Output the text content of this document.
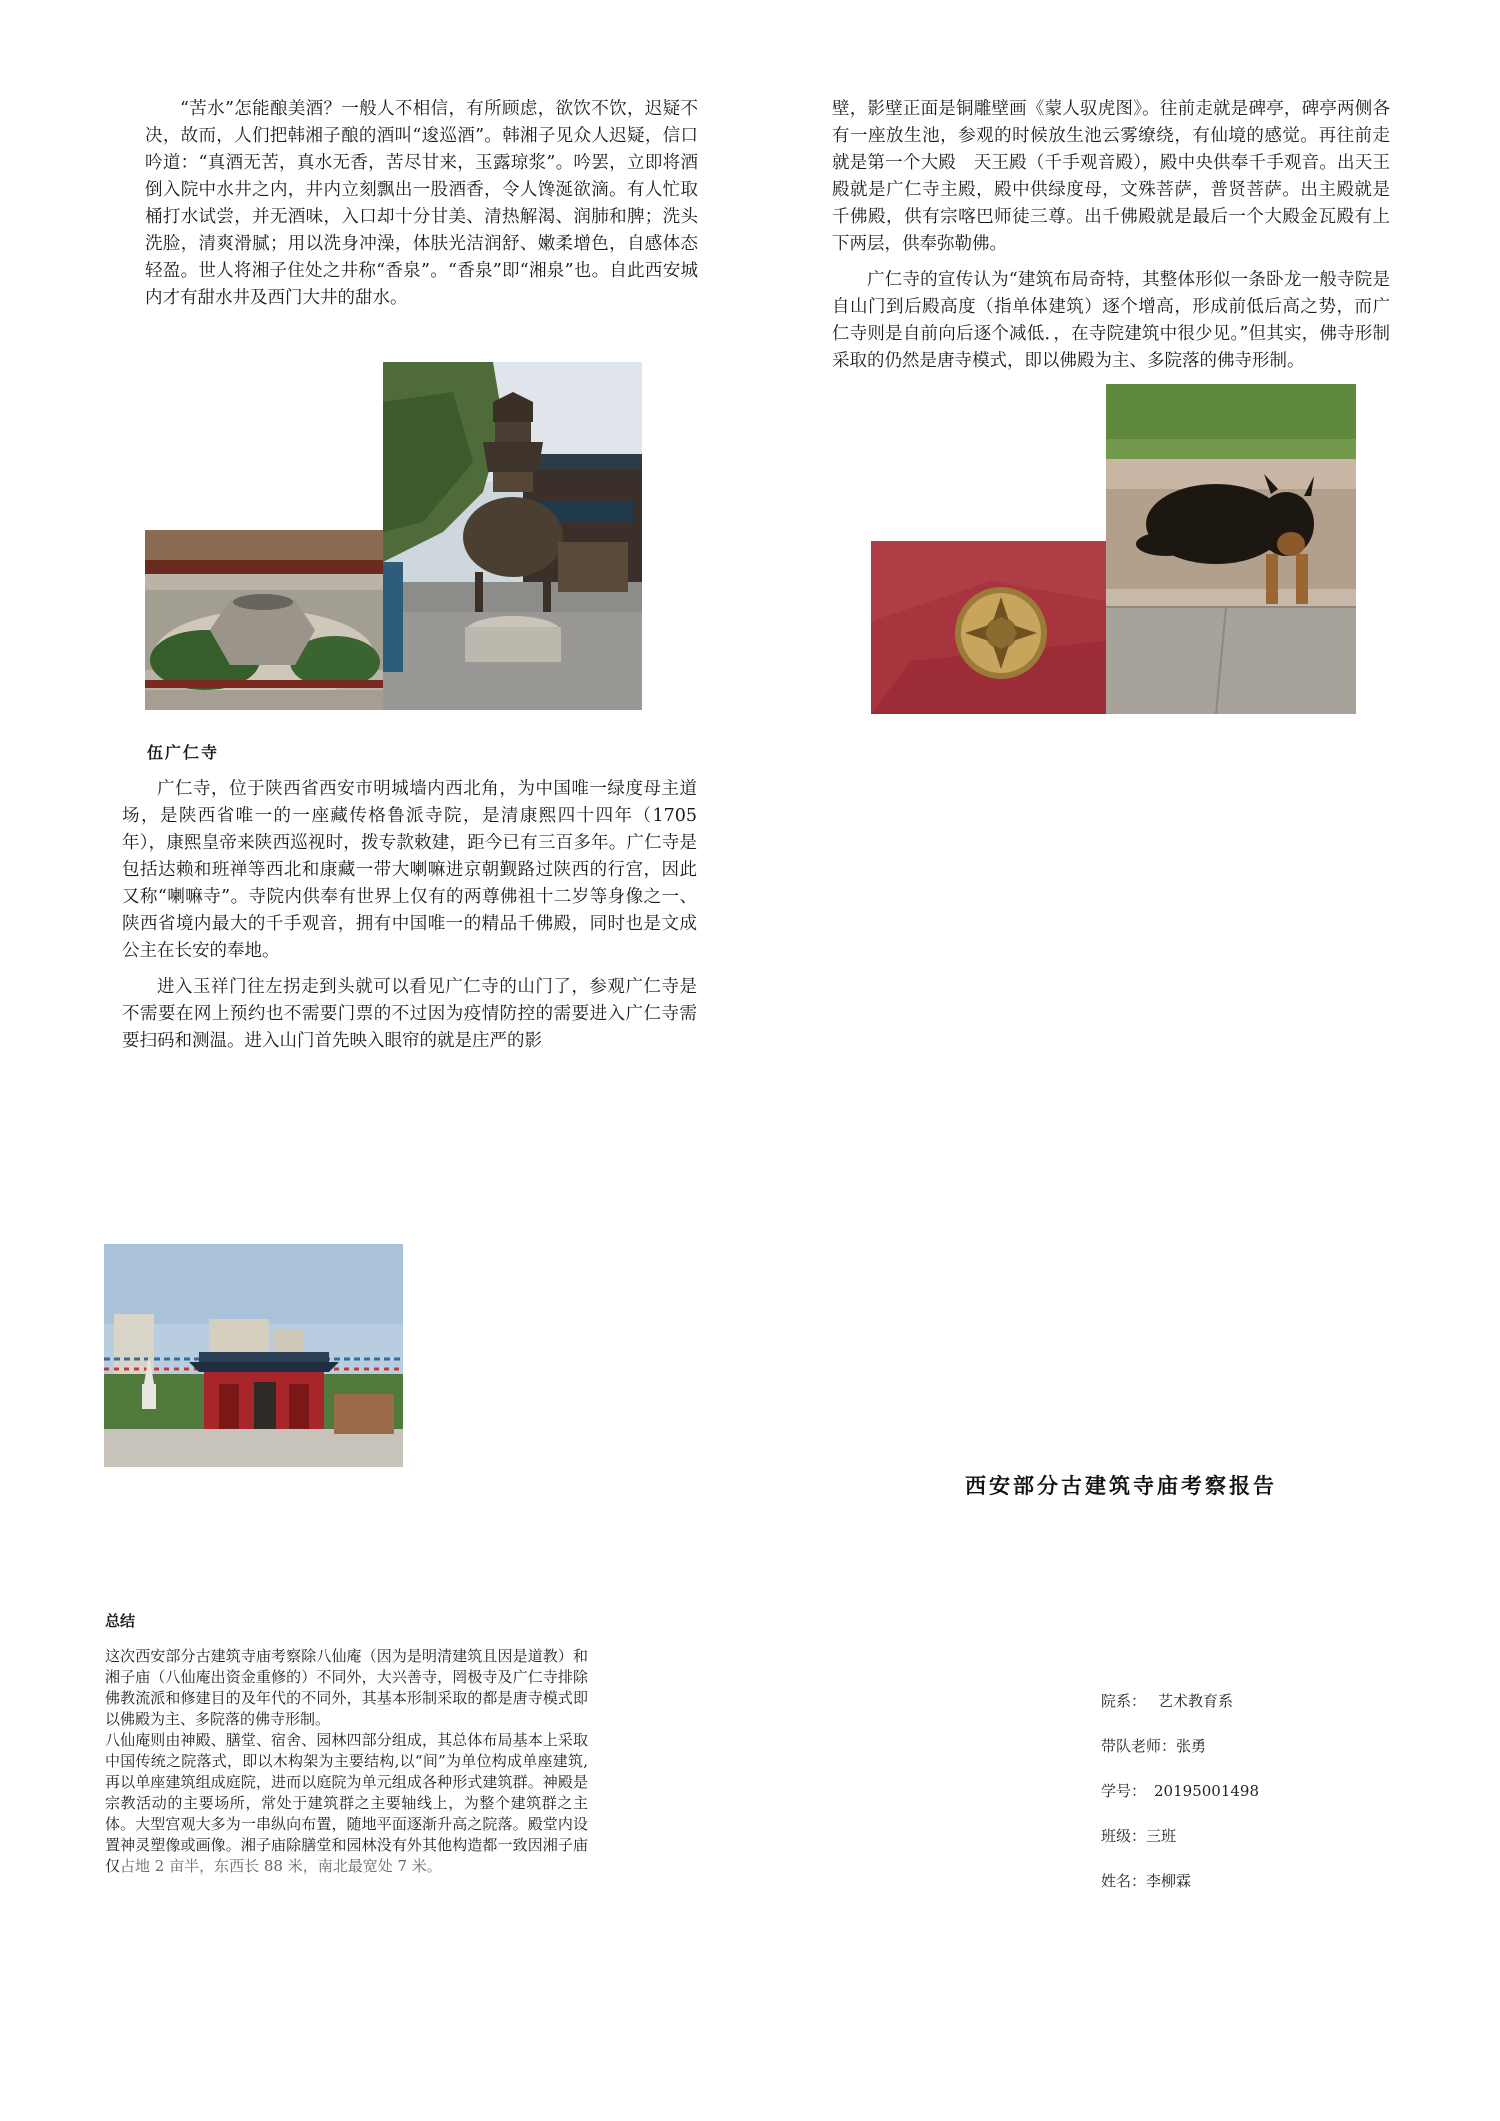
“苦水”怎能酿美酒？一般人不相信，有所顾虑，欲饮不饮，迟疑不决，故而，人们把韩湘子酿的酒叫“逡巡酒”。韩湘子见众人迟疑，信口吟道：“真酒无苦，真水无香，苦尽甘来，玉露琼浆”。吟罢，立即将酒倒入院中水井之内，井内立刻飘出一股酒香，令人馋涎欲滴。有人忙取桶打水试尝，并无酒味，入口却十分甘美、清热解渴、润肺和脾；洗头洗脸，清爽滑腻；用以洗身冲澡，体肤光洁润舒、嫩柔增色，自感体态轻盈。世人将湘子住处之井称“香泉”。“香泉”即“湘泉”也。自此西安城内才有甜水井及西门大井的甜水。

伍广仁寺

广仁寺，位于陕西省西安市明城墙内西北角，为中国唯一绿度母主道场，是陕西省唯一的一座藏传格鲁派寺院，是清康熙四十四年（1705年），康熙皇帝来陕西巡视时，拨专款敕建，距今已有三百多年。广仁寺是包括达赖和班禅等西北和康藏一带大喇嘛进京朝觐路过陕西的行宫，因此又称“喇嘛寺”。寺院内供奉有世界上仅有的两尊佛祖十二岁等身像之一、陕西省境内最大的千手观音，拥有中国唯一的精品千佛殿，同时也是文成公主在长安的奉地。

进入玉祥门往左拐走到头就可以看见广仁寺的山门了，参观广仁寺是不需要在网上预约也不需要门票的不过因为疫情防控的需要进入广仁寺需要扫码和测温。进入山门首先映入眼帘的就是庄严的影

壁，影壁正面是铜雕壁画《蒙人驭虎图》。往前走就是碑亭，碑亭两侧各有一座放生池，参观的时候放生池云雾缭绕，有仙境的感觉。再往前走就是第一个大殿　天王殿（千手观音殿），殿中央供奉千手观音。出天王殿就是广仁寺主殿，殿中供绿度母，文殊菩萨，普贤菩萨。出主殿就是千佛殿，供有宗喀巴师徒三尊。出千佛殿就是最后一个大殿金瓦殿有上下两层，供奉弥勒佛。

广仁寺的宣传认为“建筑布局奇特，其整体形似一条卧龙一般寺院是自山门到后殿高度（指单体建筑）逐个增高，形成前低后高之势，而广仁寺则是自前向后逐个减低．，在寺院建筑中很少见。”但其实，佛寺形制采取的仍然是唐寺模式，即以佛殿为主、多院落的佛寺形制。

西安部分古建筑寺庙考察报告
总结

这次西安部分古建筑寺庙考察除八仙庵（因为是明清建筑且因是道教）和湘子庙（八仙庵出资金重修的）不同外，大兴善寺，罔极寺及广仁寺排除佛教流派和修建目的及年代的不同外，其基本形制采取的都是唐寺模式即以佛殿为主、多院落的佛寺形制。

八仙庵则由神殿、膳堂、宿舍、园林四部分组成，其总体布局基本上采取中国传统之院落式，即以木构架为主要结构,以“间”为单位构成单座建筑,再以单座建筑组成庭院，进而以庭院为单元组成各种形式建筑群。神殿是宗教活动的主要场所，常处于建筑群之主要轴线上，为整个建筑群之主体。大型宫观大多为一串纵向布置，随地平面逐渐升高之院落。殿堂内设置神灵塑像或画像。湘子庙除膳堂和园林没有外其他构造都一致因湘子庙仅占地 2 亩半，东西长 88 米，南北最宽处 7 米。

院系： 艺术教育系
带队老师：张勇
学号： 20195001498
班级：三班
姓名：李柳霖
